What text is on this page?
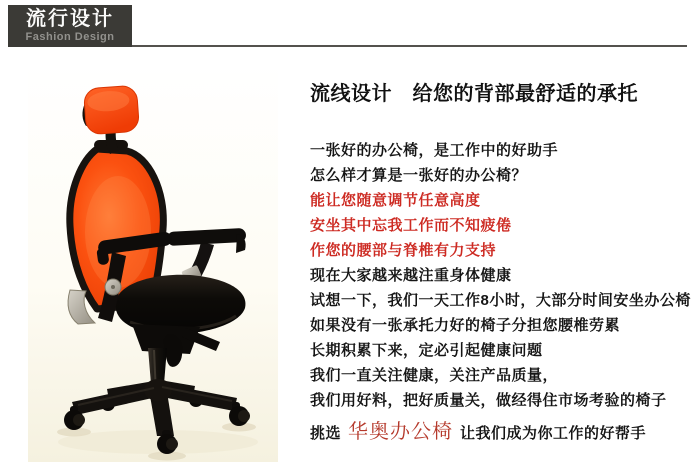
流行设计
Fashion Design
流线设计　给您的背部最舒适的承托
一张好的办公椅，是工作中的好助手
怎么样才算是一张好的办公椅？
能让您随意调节任意高度
安坐其中忘我工作而不知疲倦
作您的腰部与脊椎有力支持
现在大家越来越注重身体健康
试想一下，我们一天工作8小时，大部分时间安坐办公椅
如果没有一张承托力好的椅子分担您腰椎劳累
长期积累下来，定必引起健康问题
我们一直关注健康，关注产品质量，
我们用好料，把好质量关，做经得住市场考验的椅子
挑选 华奥办公椅 让我们成为你工作的好帮手
